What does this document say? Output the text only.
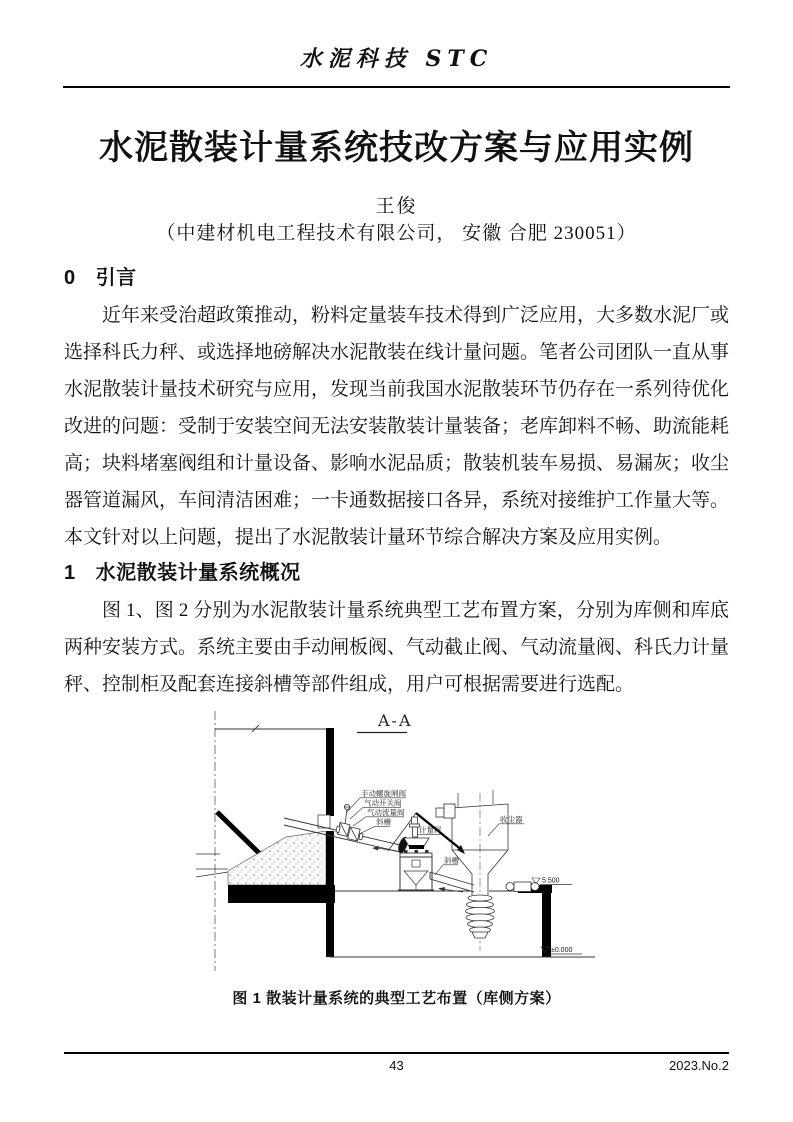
水泥科技 STC
水泥散装计量系统技改方案与应用实例
王俊
（中建材机电工程技术有限公司， 安徽 合肥 230051）
0 引言

近年来受治超政策推动，粉料定量装车技术得到广泛应用，大多数水泥厂或选择科氏力秤、或选择地磅解决水泥散装在线计量问题。笔者公司团队一直从事水泥散装计量技术研究与应用，发现当前我国水泥散装环节仍存在一系列待优化改进的问题：受制于安装空间无法安装散装计量装备；老库卸料不畅、助流能耗高；块料堵塞阀组和计量设备、影响水泥品质；散装机装车易损、易漏灰；收尘器管道漏风，车间清洁困难；一卡通数据接口各异，系统对接维护工作量大等。本文针对以上问题，提出了水泥散装计量环节综合解决方案及应用实例。

1 水泥散装计量系统概况

图 1、图 2 分别为水泥散装计量系统典型工艺布置方案，分别为库侧和库底两种安装方式。系统主要由手动闸板阀、气动截止阀、气动流量阀、科氏力计量秤、控制柜及配套连接斜槽等部件组成，用户可根据需要进行选配。

A-A
手动螺旋闸阀
气动开关阀
气动流量阀
斜槽
计量秤
斜槽
收尘器
5.500
±0.000
图 1 散装计量系统的典型工艺布置（库侧方案）
43	2023.No.2
